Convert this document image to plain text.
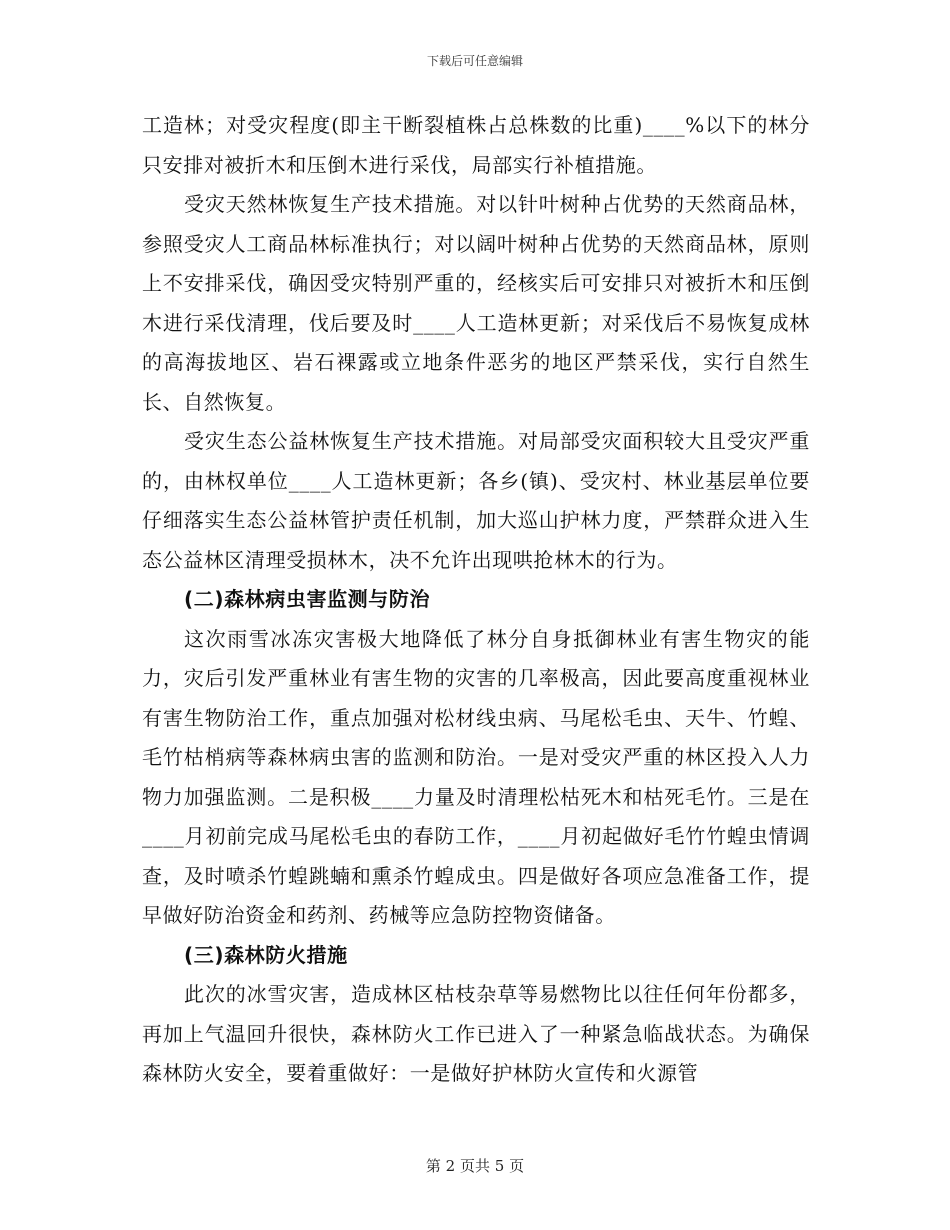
下载后可任意编辑

工造林；对受灾程度(即主干断裂植株占总株数的比重)____%以下的林分只安排对被折木和压倒木进行采伐，局部实行补植措施。

受灾天然林恢复生产技术措施。对以针叶树种占优势的天然商品林，参照受灾人工商品林标准执行；对以阔叶树种占优势的天然商品林，原则上不安排采伐，确因受灾特别严重的，经核实后可安排只对被折木和压倒木进行采伐清理，伐后要及时____人工造林更新；对采伐后不易恢复成林的高海拔地区、岩石裸露或立地条件恶劣的地区严禁采伐，实行自然生长、自然恢复。

受灾生态公益林恢复生产技术措施。对局部受灾面积较大且受灾严重的，由林权单位____人工造林更新；各乡(镇)、受灾村、林业基层单位要仔细落实生态公益林管护责任机制，加大巡山护林力度，严禁群众进入生态公益林区清理受损林木，决不允许出现哄抢林木的行为。

(二)森林病虫害监测与防治

这次雨雪冰冻灾害极大地降低了林分自身抵御林业有害生物灾的能力，灾后引发严重林业有害生物的灾害的几率极高，因此要高度重视林业有害生物防治工作，重点加强对松材线虫病、马尾松毛虫、天牛、竹蝗、毛竹枯梢病等森林病虫害的监测和防治。一是对受灾严重的林区投入人力物力加强监测。二是积极____力量及时清理松枯死木和枯死毛竹。三是在____月初前完成马尾松毛虫的春防工作，____月初起做好毛竹竹蝗虫情调查，及时喷杀竹蝗跳蝻和熏杀竹蝗成虫。四是做好各项应急准备工作，提早做好防治资金和药剂、药械等应急防控物资储备。

(三)森林防火措施

此次的冰雪灾害，造成林区枯枝杂草等易燃物比以往任何年份都多，再加上气温回升很快，森林防火工作已进入了一种紧急临战状态。为确保森林防火安全，要着重做好：一是做好护林防火宣传和火源管

第 2 页共 5 页
